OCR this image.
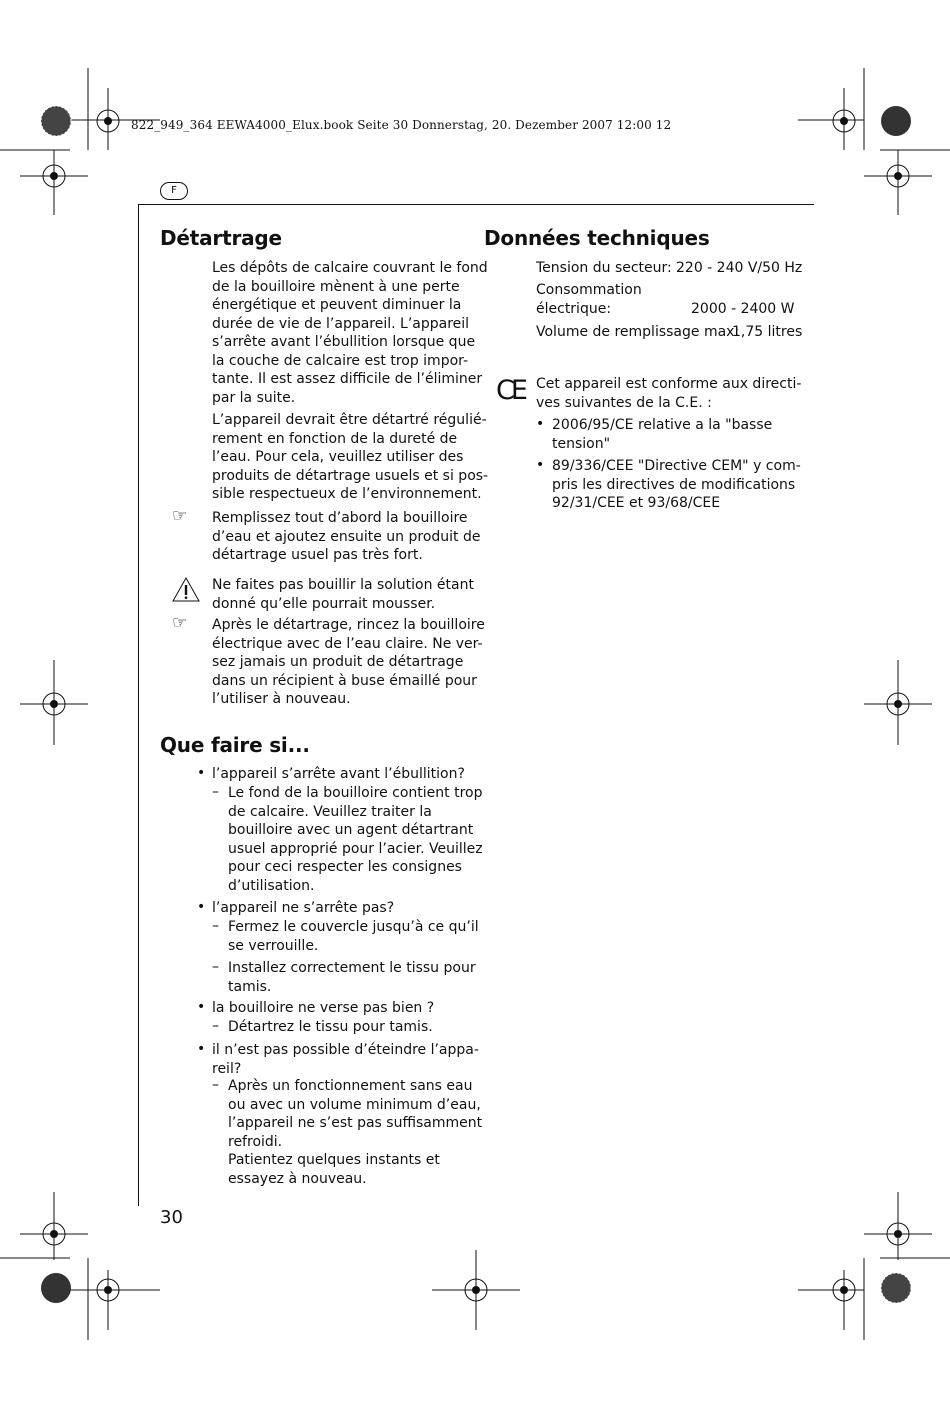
822_949_364 EEWA4000_Elux.book Seite 30 Donnerstag, 20. Dezember 2007 12:00 12
F
Détartrage
Les dépôts de calcaire couvrant le fond
de la bouilloire mènent à une perte
énergétique et peuvent diminuer la
durée de vie de l’appareil. L’appareil
s’arrête avant l’ébullition lorsque que
la couche de calcaire est trop impor-
tante. Il est assez difficile de l’éliminer
par la suite.
L’appareil devrait être détartré régulié-
rement en fonction de la dureté de
l’eau. Pour cela, veuillez utiliser des
produits de détartrage usuels et si pos-
sible respectueux de l’environnement.
☞ Remplissez tout d’abord la bouilloire
d’eau et ajoutez ensuite un produit de
détartrage usuel pas très fort.
Ne faites pas bouillir la solution étant
donné qu’elle pourrait mousser.
☞ Après le détartrage, rincez la bouilloire
électrique avec de l’eau claire. Ne ver-
sez jamais un produit de détartrage
dans un récipient à buse émaillé pour
l’utiliser à nouveau.
Que faire si...
• l’appareil s’arrête avant l’ébullition?
– Le fond de la bouilloire contient trop
de calcaire. Veuillez traiter la
bouilloire avec un agent détartrant
usuel approprié pour l’acier. Veuillez
pour ceci respecter les consignes
d’utilisation.
• l’appareil ne s’arrête pas?
– Fermez le couvercle jusqu’à ce qu’il
se verrouille.
– Installez correctement le tissu pour
tamis.
• la bouilloire ne verse pas bien ?
– Détartrez le tissu pour tamis.
• il n’est pas possible d’éteindre l’appa-
reil?
– Après un fonctionnement sans eau
ou avec un volume minimum d’eau,
l’appareil ne s’est pas suffisamment
refroidi.
Patientez quelques instants et
essayez à nouveau.
30
Données techniques
Tension du secteur: 220 - 240 V/50 Hz
Consommation
électrique:	2000 - 2400 W
Volume de remplissage max:
1,75 litres
CE Cet appareil est conforme aux directi-
ves suivantes de la C.E. :
• 2006/95/CE relative a la "basse
tension"
• 89/336/CEE "Directive CEM" y com-
pris les directives de modifications
92/31/CEE et 93/68/CEE
